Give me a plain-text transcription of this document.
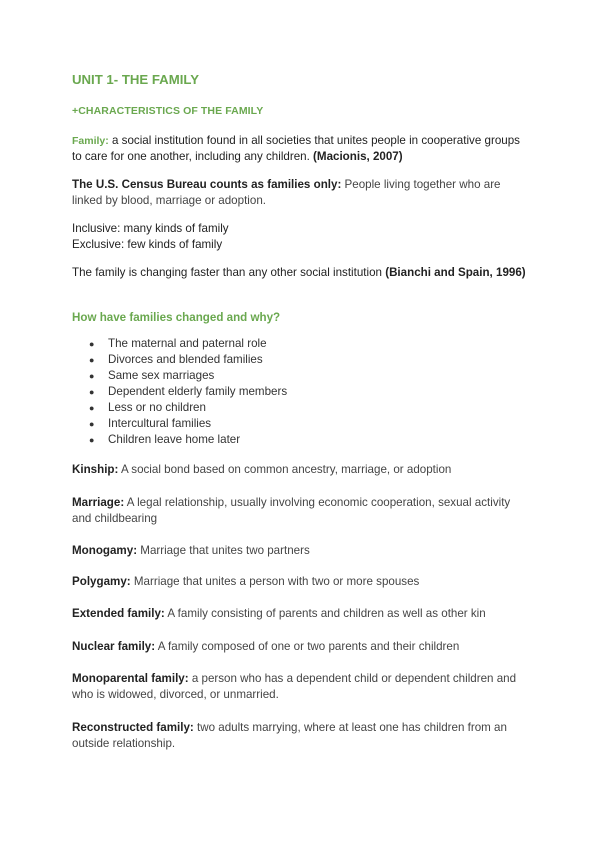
UNIT 1- THE FAMILY
+CHARACTERISTICS OF THE FAMILY
Family: a social institution found in all societies that unites people in cooperative groups to care for one another, including any children. (Macionis, 2007)
The U.S. Census Bureau counts as families only: People living together who are linked by blood, marriage or adoption.
Inclusive: many kinds of family
Exclusive: few kinds of family
The family is changing faster than any other social institution (Bianchi and Spain, 1996)
How have families changed and why?
● The maternal and paternal role
● Divorces and blended families
● Same sex marriages
● Dependent elderly family members
● Less or no children
● Intercultural families
● Children leave home later
Kinship: A social bond based on common ancestry, marriage, or adoption
Marriage: A legal relationship, usually involving economic cooperation, sexual activity and childbearing
Monogamy: Marriage that unites two partners
Polygamy: Marriage that unites a person with two or more spouses
Extended family: A family consisting of parents and children as well as other kin
Nuclear family: A family composed of one or two parents and their children
Monoparental family: a person who has a dependent child or dependent children and who is widowed, divorced, or unmarried.
Reconstructed family: two adults marrying, where at least one has children from an outside relationship.
